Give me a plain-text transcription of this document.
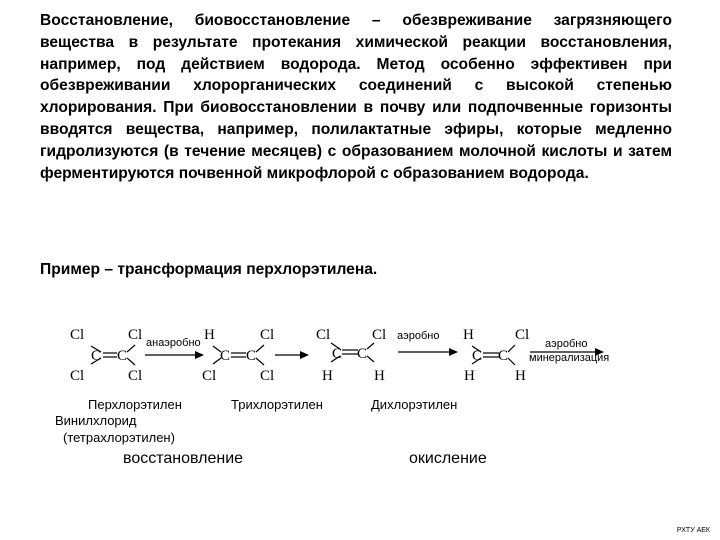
Восстановление, биовосстановление – обезвреживание загрязняющего вещества в результате протекания химической реакции восстановления, например, под действием водорода. Метод особенно эффективен при обезвреживании хлорорганических соединений с высокой степенью хлорирования. При биовосстановлении в почву или подпочвенные горизонты вводятся вещества, например, полилактатные эфиры, которые медленно гидролизуются (в течение месяцев) с образованием молочной кислоты и затем ферментируются почвенной микрофлорой с образованием водорода.

Пример – трансформация перхлорэтилена.

Cl
Cl
C C
Cl
Cl
H
Cl
C C
Cl
Cl
Cl
H
C C
Cl
H
H
H
C C
Cl
H
анаэробно
аэробно
аэробно
минерализация
Перхлорэтилен
Винилхлорид
(тетрахлорэтилен)
Трихлорэтилен	Дихлорэтилен
восстановление	окисление
РХТУ АЕК
